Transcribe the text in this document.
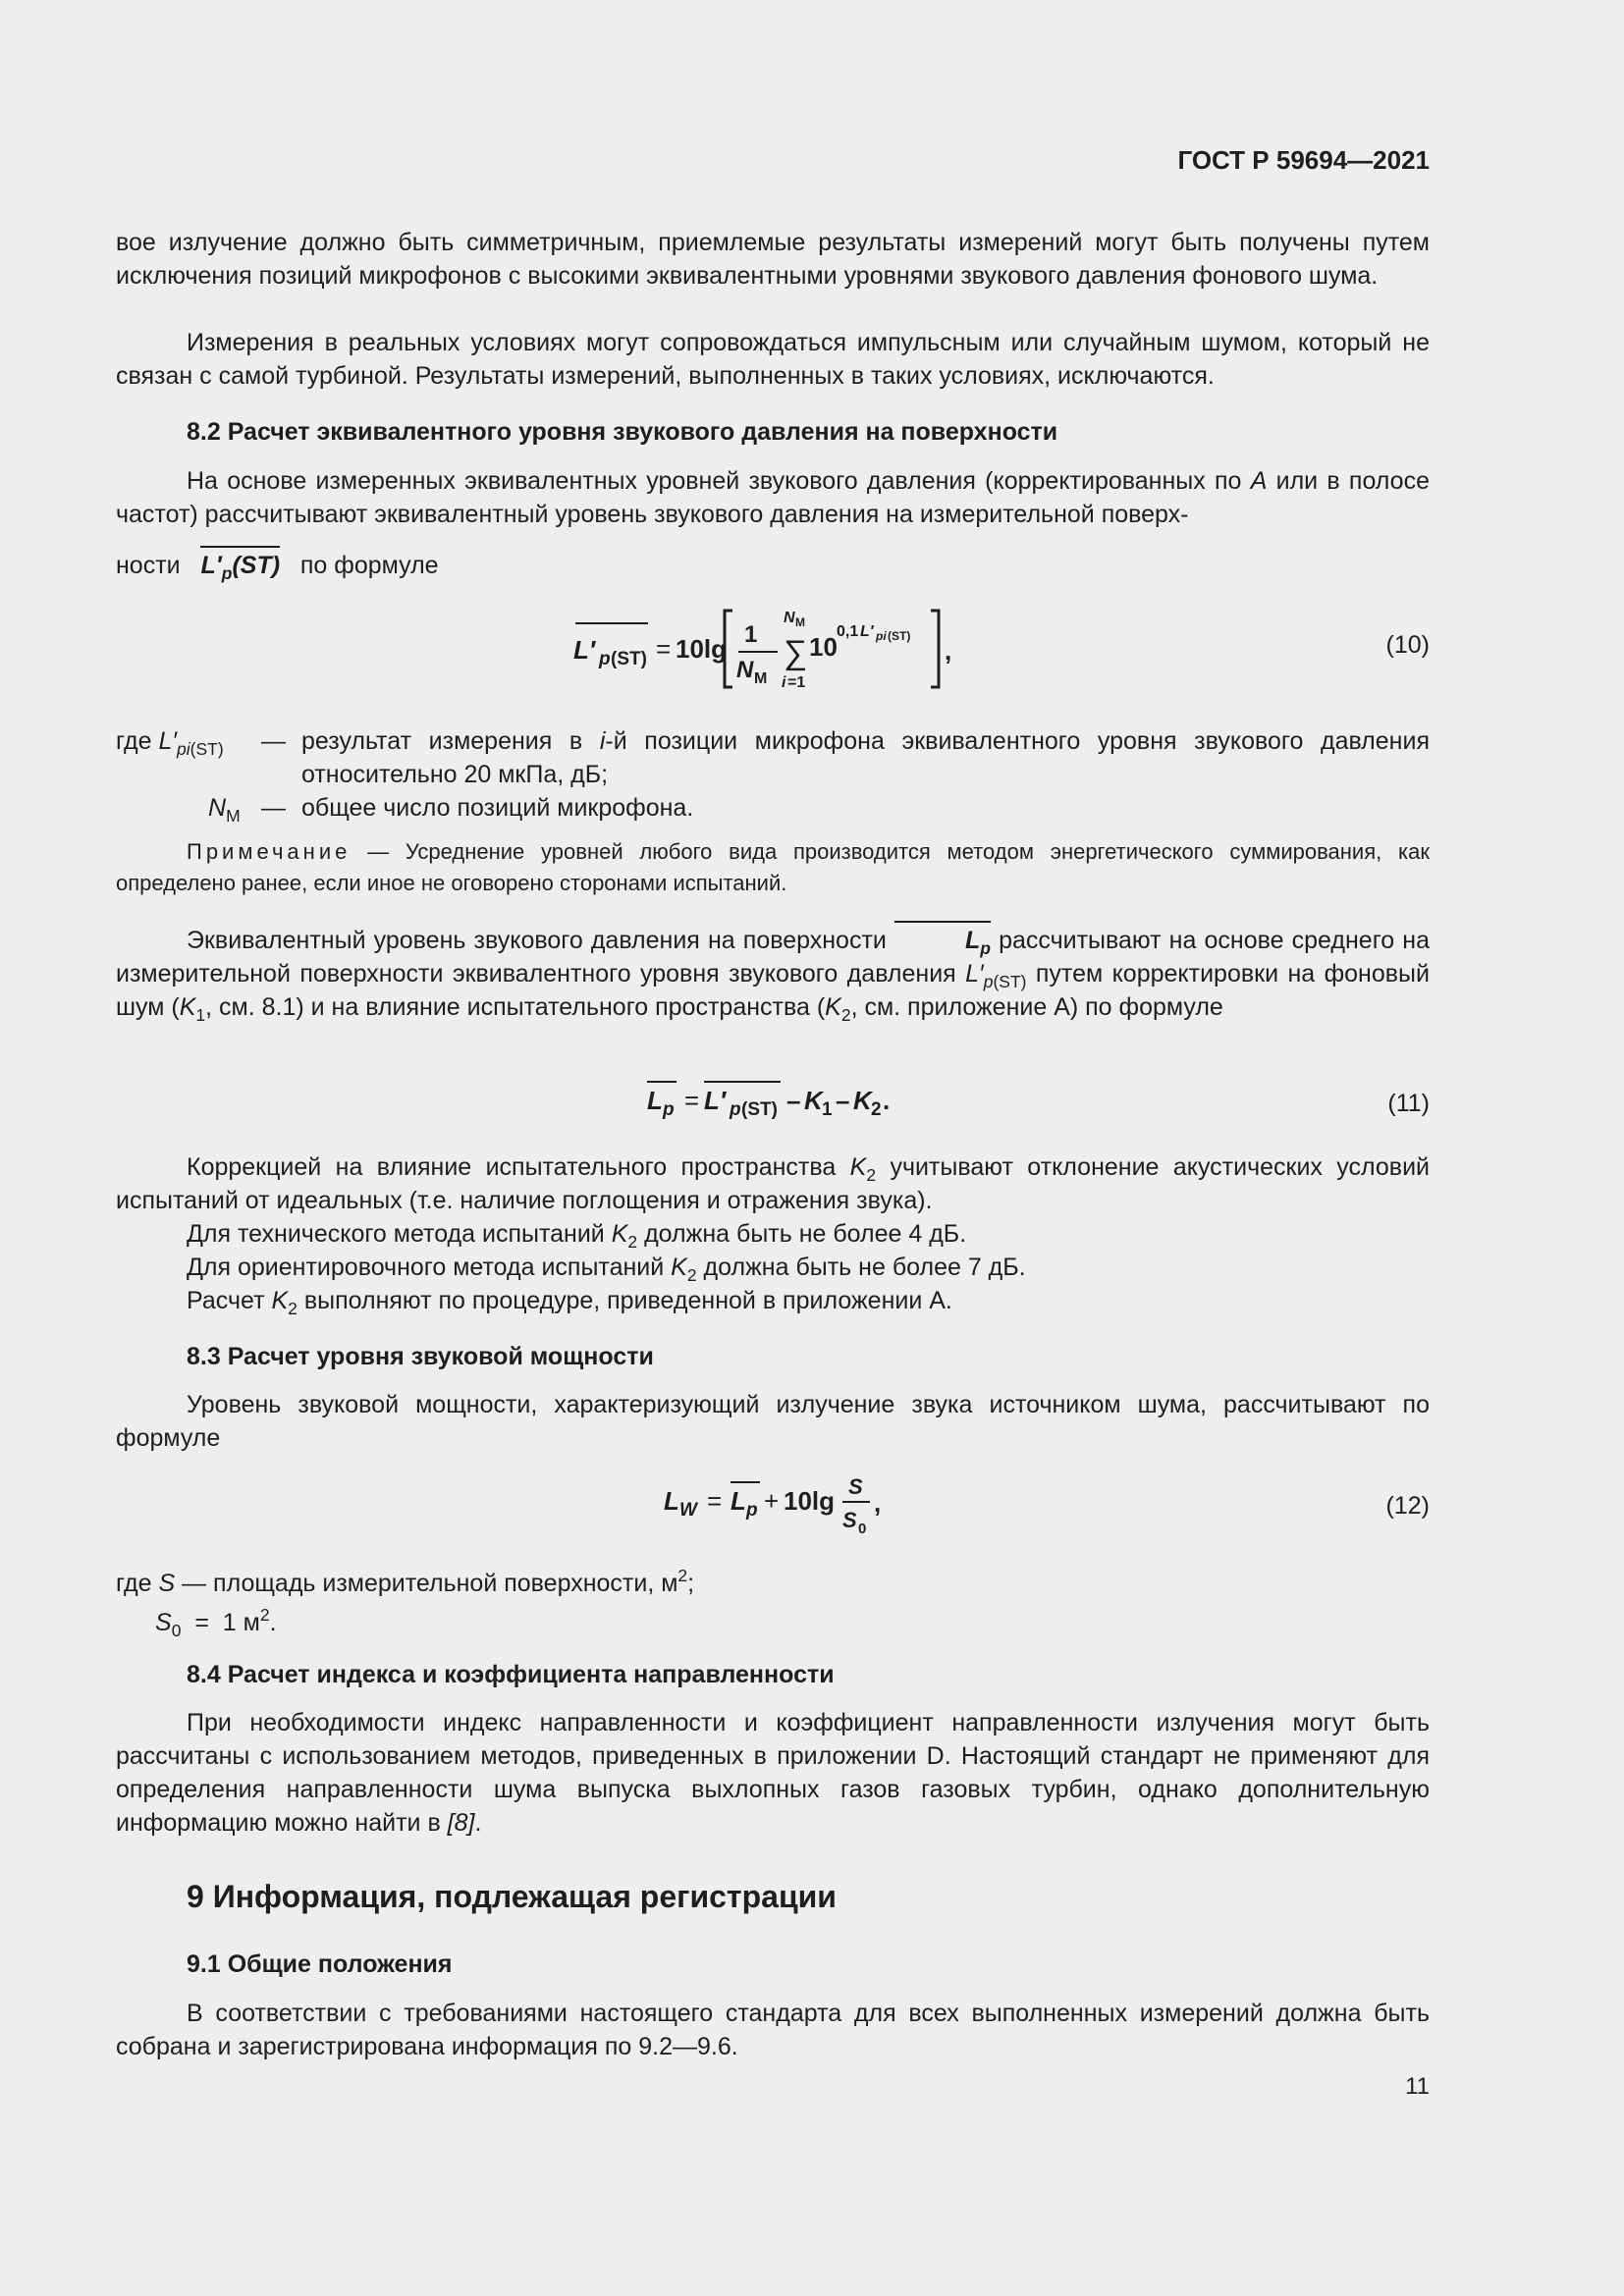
ГОСТ Р 59694—2021

вое излучение должно быть симметричным, приемлемые результаты измерений могут быть получены путем исключения позиций микрофонов с высокими эквивалентными уровнями звукового давления фонового шума.

Измерения в реальных условиях могут сопровождаться импульсным или случайным шумом, который не связан с самой турбиной. Результаты измерений, выполненных в таких условиях, исключаются.

8.2 Расчет эквивалентного уровня звукового давления на поверхности

На основе измеренных эквивалентных уровней звукового давления (корректированных по A или в полосе частот) рассчитывают эквивалентный уровень звукового давления на измерительной поверх-

ности $L'_p(ST)$ по формуле
L′ p (ST) = 10lg 1
N M
N M
∑
i =1
10
0,1 L′ pi (ST) ,	(10)
где $L'_{pi(ST)}$ — результат измерения в i-й позиции микрофона эквивалентного уровня звукового давления относительно 20 мкПа, дБ;
$N_M$ — общее число позиций микрофона.

Примечание — Усреднение уровней любого вида производится методом энергетического суммирования, как определено ранее, если иное не оговорено сторонами испытаний.

Эквивалентный уровень звукового давления на поверхности	$L_p$ рассчитывают на основе среднего на измерительной поверхности эквивалентного уровня звукового давления $L'_{p(ST)}$ путем корректировки на фоновый шум ($K_1$, см. 8.1) и на влияние испытательного пространства ($K_2$, см. приложение А) по формуле

L p = L′ p (ST) – K 1 – K 2 .	(11)

Коррекцией на влияние испытательного пространства $K_2$ учитывают отклонение акустических условий испытаний от идеальных (т.е. наличие поглощения и отражения звука).

Для технического метода испытаний $K_2$ должна быть не более 4 дБ.

Для ориентировочного метода испытаний $K_2$ должна быть не более 7 дБ.

Расчет $K_2$ выполняют по процедуре, приведенной в приложении А.

8.3 Расчет уровня звуковой мощности

Уровень звуковой мощности, характеризующий излучение звука источником шума, рассчитывают по формуле

L W = L p + 10lg S
S 0
,	(12)
где S — площадь измерительной поверхности, $м^2$;
$S_0 = 1$ $м^2$.
8.4 Расчет индекса и коэффициента направленности

При необходимости индекс направленности и коэффициент направленности излучения могут быть рассчитаны с использованием методов, приведенных в приложении D. Настоящий стандарт не применяют для определения направленности шума выпуска выхлопных газов газовых турбин, однако дополнительную информацию можно найти в [8].

9 Информация, подлежащая регистрации
9.1 Общие положения

В соответствии с требованиями настоящего стандарта для всех выполненных измерений должна быть собрана и зарегистрирована информация по 9.2—9.6.

11
